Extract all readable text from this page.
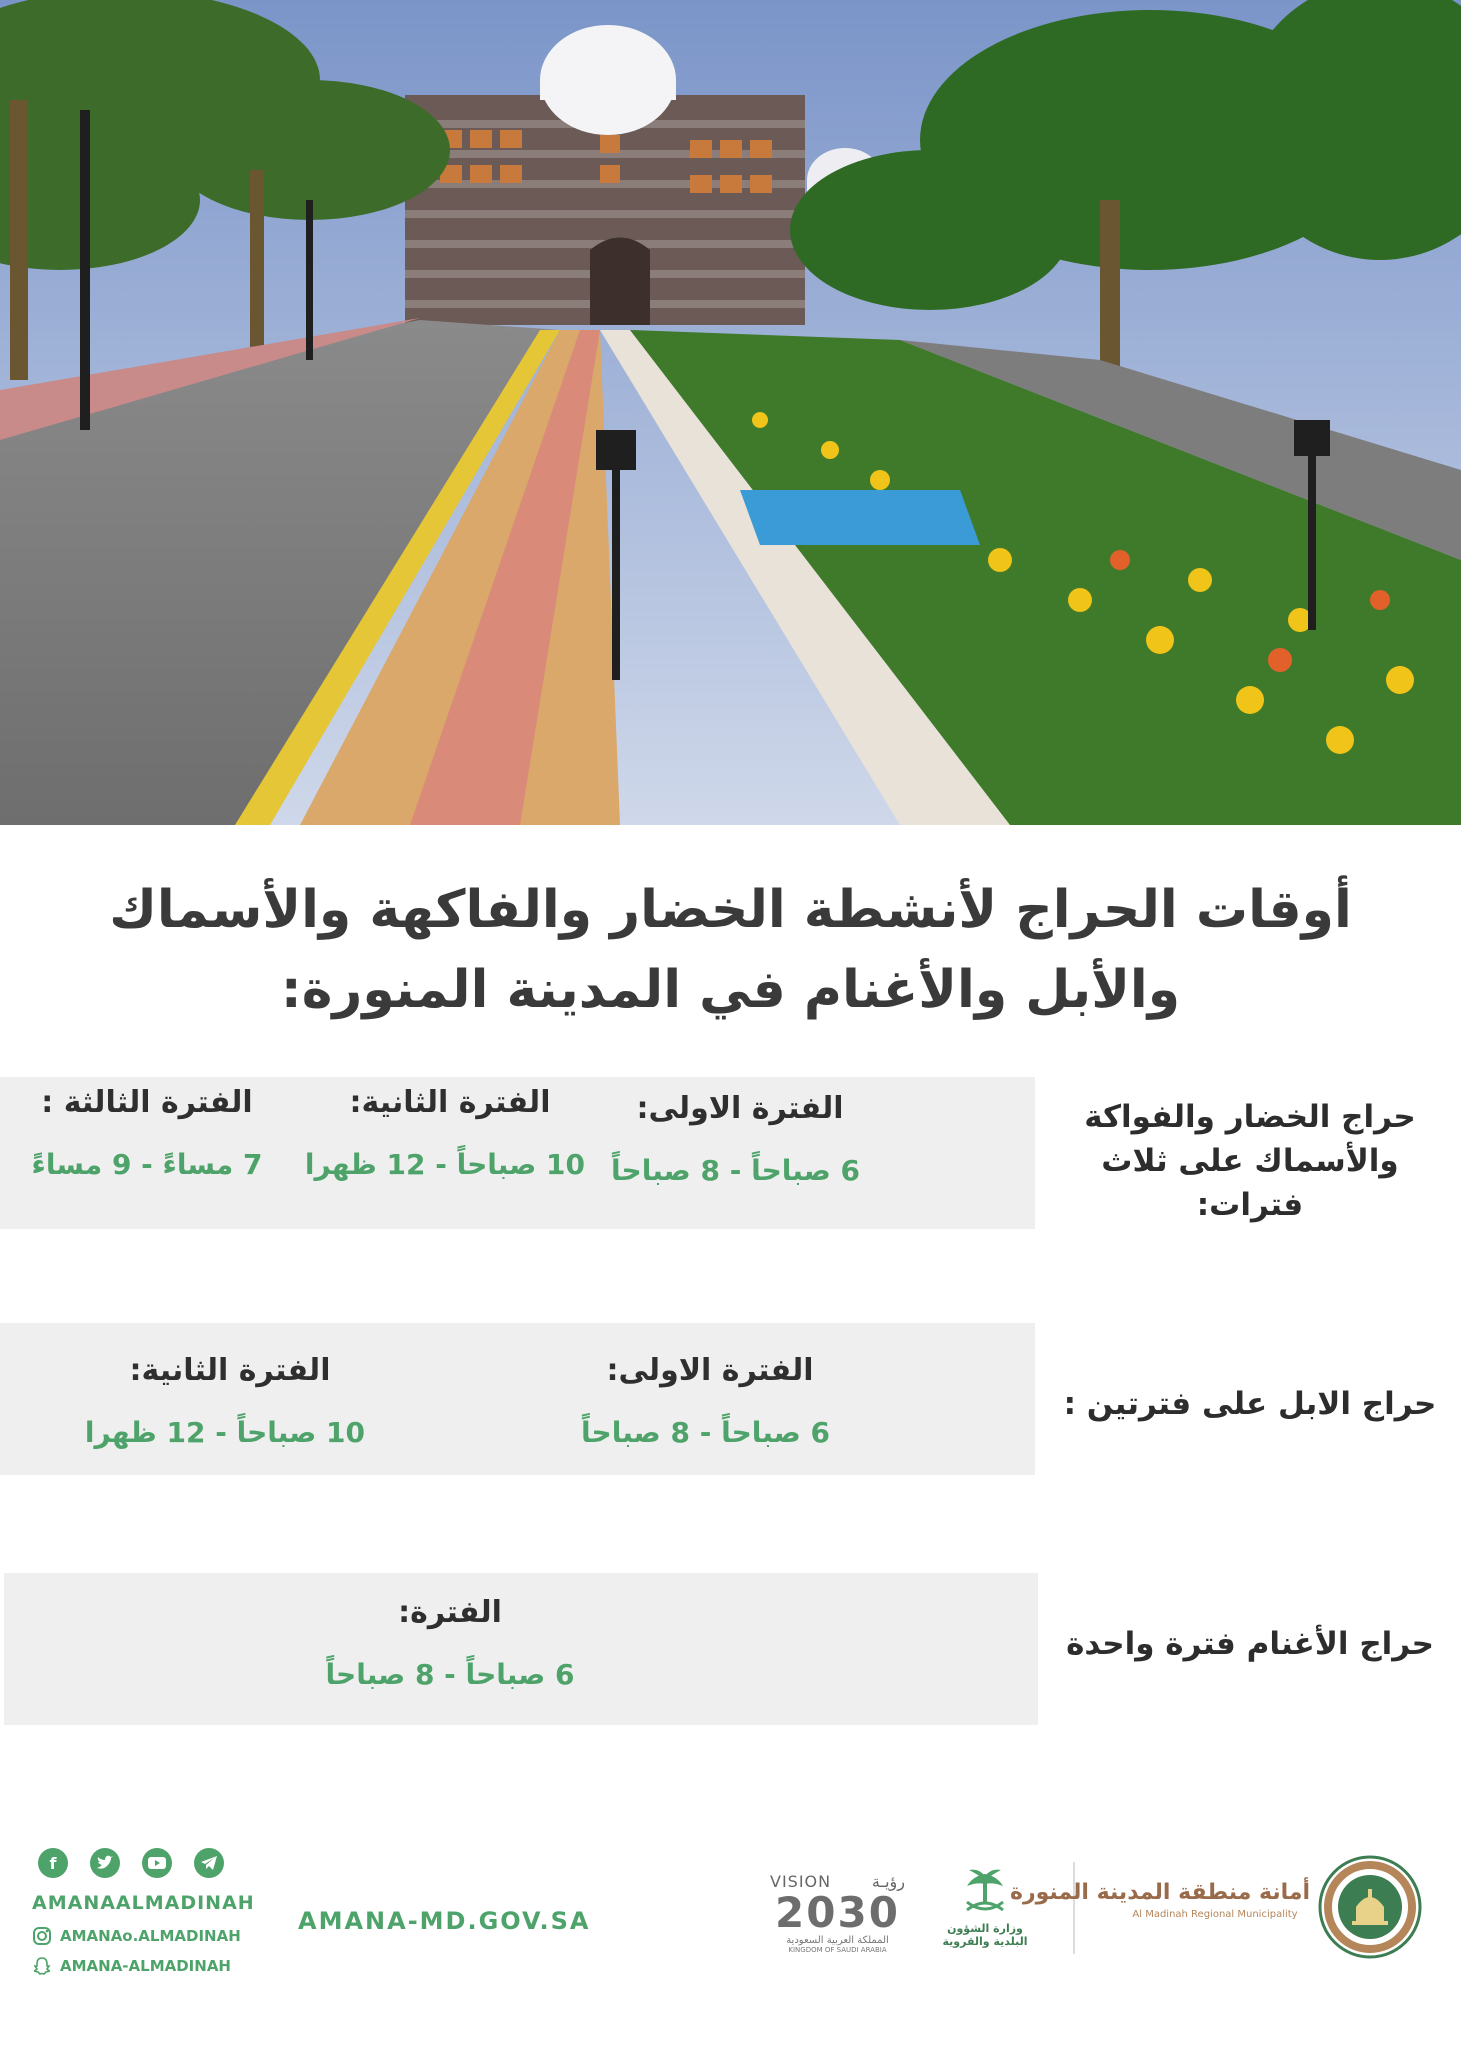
أوقات الحراج لأنشطة الخضار والفاكهة والأسماك
والأبل والأغنام في المدينة المنورة:
حراج الخضار والفواكة
والأسماك على ثلاث فترات:
الفترة الاولى:
6 صباحاً - 8 صباحاً
الفترة الثانية:
10 صباحاً - 12 ظهرا
الفترة الثالثة :
7 مساءً - 9 مساءً
حراج الابل على فترتين :
الفترة الاولى:
6 صباحاً - 8 صباحاً
الفترة الثانية:
10 صباحاً - 12 ظهرا
حراج الأغنام فترة واحدة
الفترة:
6 صباحاً - 8 صباحاً
f
AMANAALMADINAH
AMANAo.ALMADINAH
AMANA-ALMADINAH
AMANA-MD.GOV.SA
VISION	رؤيـة
2030
المملكة العربية السعودية
KINGDOM OF SAUDI ARABIA
وزارة الشؤون
البلدية والقروية
أمانة منطقة المدينة المنورة
Al Madinah Regional Municipality
